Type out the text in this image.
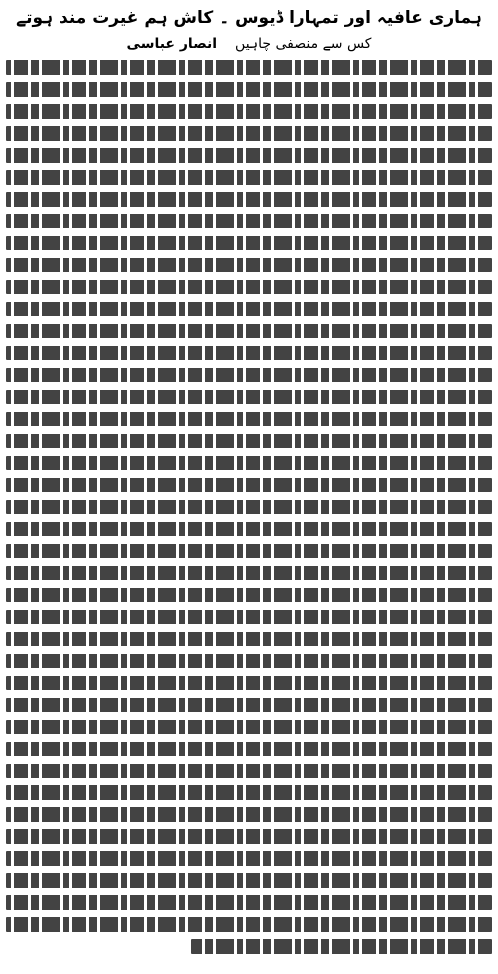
ہماری عافیہ اور تمہارا ڈیوس ۔ کاش ہم غیرت مند ہوتے
کس سے منصفی چاہیں
انصار عباسی
